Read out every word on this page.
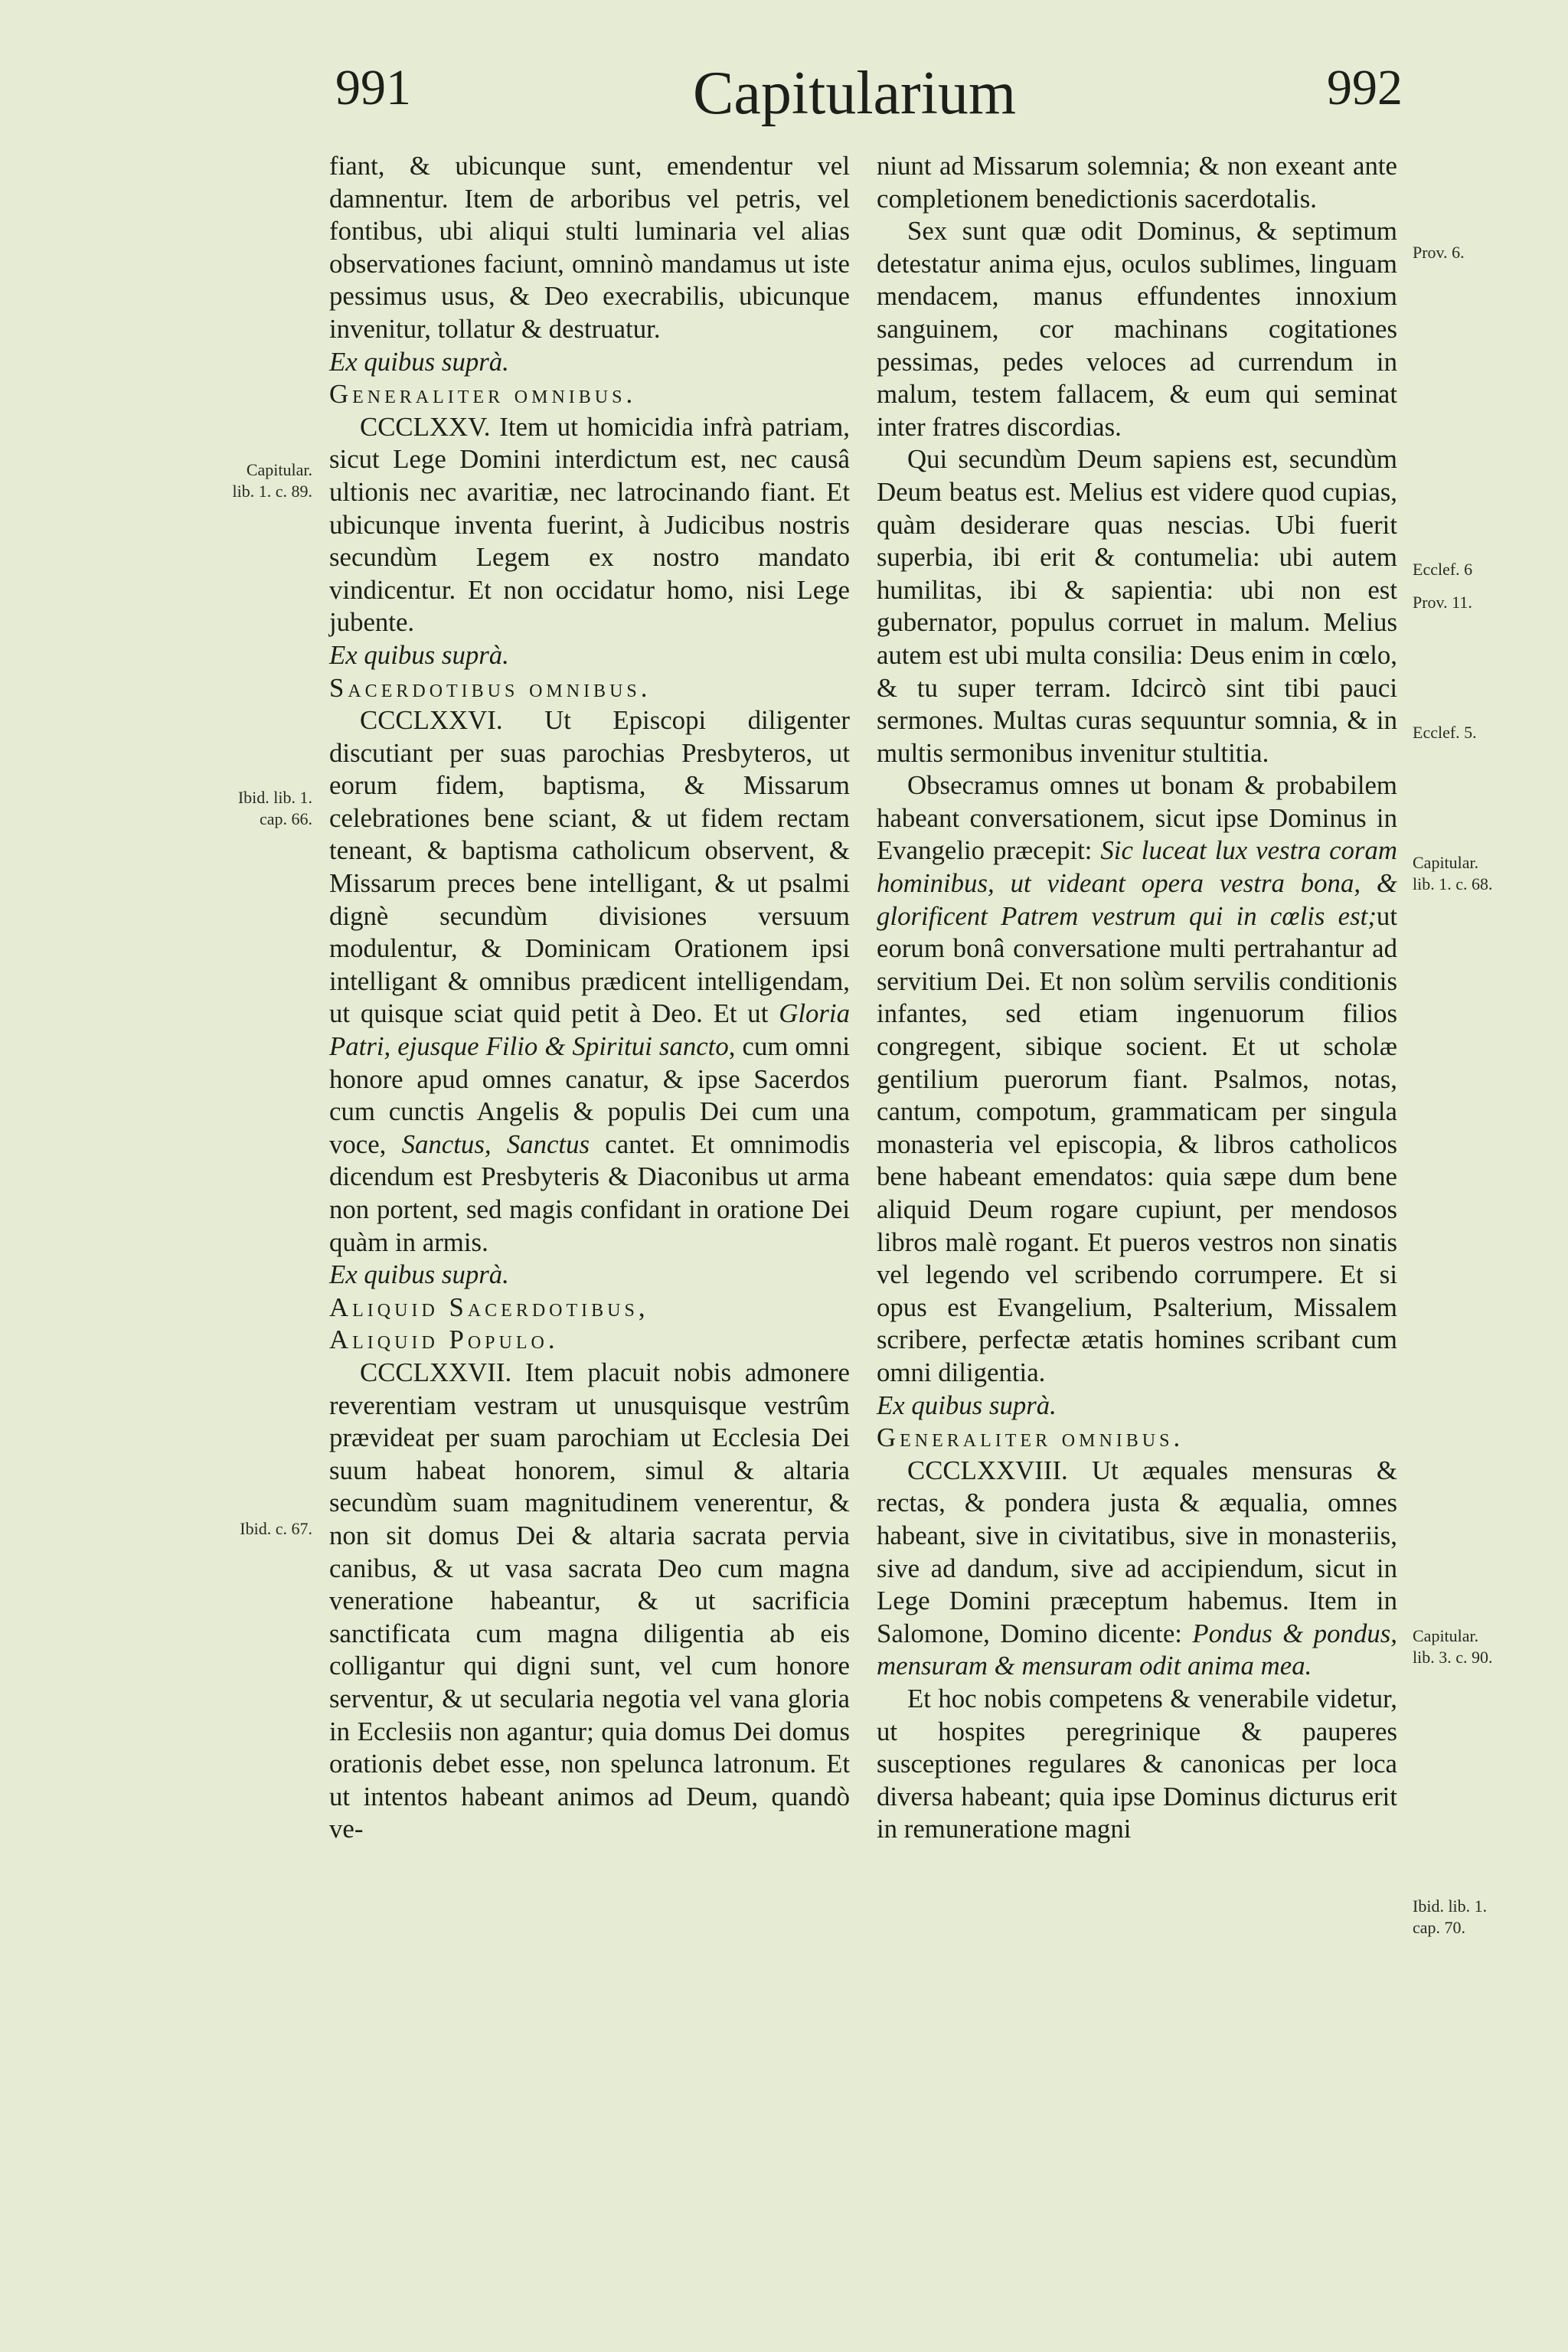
991	Capitularium	992
Capitular.
lib. 1. c. 89.
Ibid. lib. 1.
cap. 66.
Ibid. c. 67.
Prov. 6.
Ecclef. 6
Prov. 11.
Ecclef. 5.
Capitular.
lib. 1. c. 68.
Capitular.
lib. 3. c. 90.
Ibid. lib. 1.
cap. 70.

fiant, & ubicunque sunt, emendentur vel damnentur. Item de arboribus vel petris, vel fontibus, ubi aliqui stulti luminaria vel alias observationes faciunt, omninò mandamus ut iste pessimus usus, & Deo execrabilis, ubicunque invenitur, tollatur & destruatur.

Ex quibus suprà.

Generaliter omnibus.

CCCLXXV. Item ut homicidia infrà patriam, sicut Lege Domini interdictum est, nec causâ ultionis nec avaritiæ, nec latrocinando fiant. Et ubicunque inventa fuerint, à Judicibus nostris secundùm Legem ex nostro mandato vindicentur. Et non occidatur homo, nisi Lege jubente.

Ex quibus suprà.

Sacerdotibus omnibus.

CCCLXXVI. Ut Episcopi diligenter discutiant per suas parochias Presbyteros, ut eorum fidem, baptisma, & Missarum celebrationes bene sciant, & ut fidem rectam teneant, & baptisma catholicum observent, & Missarum preces bene intelligant, & ut psalmi dignè secundùm divisiones versuum modulentur, & Dominicam Orationem ipsi intelligant & omnibus prædicent intelligendam, ut quisque sciat quid petit à Deo. Et ut Gloria Patri, ejusque Filio & Spiritui sancto, cum omni honore apud omnes canatur, & ipse Sacerdos cum cunctis Angelis & populis Dei cum una voce, Sanctus, Sanctus cantet. Et omnimodis dicendum est Presbyteris & Diaconibus ut arma non portent, sed magis confidant in oratione Dei quàm in armis.

Ex quibus suprà.

Aliquid Sacerdotibus,

Aliquid Populo.

CCCLXXVII. Item placuit nobis admonere reverentiam vestram ut unusquisque vestrûm prævideat per suam parochiam ut Ecclesia Dei suum habeat honorem, simul & altaria secundùm suam magnitudinem venerentur, & non sit domus Dei & altaria sacrata pervia canibus, & ut vasa sacrata Deo cum magna veneratione habeantur, & ut sacrificia sanctificata cum magna diligentia ab eis colligantur qui digni sunt, vel cum honore serventur, & ut secularia negotia vel vana gloria in Ecclesiis non agantur; quia domus Dei domus orationis debet esse, non spelunca latronum. Et ut intentos habeant animos ad Deum, quandò ve-

niunt ad Missarum solemnia; & non exeant ante completionem benedictionis sacerdotalis.

Sex sunt quæ odit Dominus, & septimum detestatur anima ejus, oculos sublimes, linguam mendacem, manus effundentes innoxium sanguinem, cor machinans cogitationes pessimas, pedes veloces ad currendum in malum, testem fallacem, & eum qui seminat inter fratres discordias.

Qui secundùm Deum sapiens est, secundùm Deum beatus est. Melius est videre quod cupias, quàm desiderare quas nescias. Ubi fuerit superbia, ibi erit & contumelia: ubi autem humilitas, ibi & sapientia: ubi non est gubernator, populus corruet in malum. Melius autem est ubi multa consilia: Deus enim in cœlo, & tu super terram. Idcircò sint tibi pauci sermones. Multas curas sequuntur somnia, & in multis sermonibus invenitur stultitia.

Obsecramus omnes ut bonam & probabilem habeant conversationem, sicut ipse Dominus in Evangelio præcepit: Sic luceat lux vestra coram hominibus, ut videant opera vestra bona, & glorificent Patrem vestrum qui in cœlis est;ut eorum bonâ conversatione multi pertrahantur ad servitium Dei. Et non solùm servilis conditionis infantes, sed etiam ingenuorum filios congregent, sibique socient. Et ut scholæ gentilium puerorum fiant. Psalmos, notas, cantum, compotum, grammaticam per singula monasteria vel episcopia, & libros catholicos bene habeant emendatos: quia sæpe dum bene aliquid Deum rogare cupiunt, per mendosos libros malè rogant. Et pueros vestros non sinatis vel legendo vel scribendo corrumpere. Et si opus est Evangelium, Psalterium, Missalem scribere, perfectæ ætatis homines scribant cum omni diligentia.

Ex quibus suprà.

Generaliter omnibus.

CCCLXXVIII. Ut æquales mensuras & rectas, & pondera justa & æqualia, omnes habeant, sive in civitatibus, sive in monasteriis, sive ad dandum, sive ad accipiendum, sicut in Lege Domini præceptum habemus. Item in Salomone, Domino dicente: Pondus & pondus, mensuram & mensuram odit anima mea.

Et hoc nobis competens & venerabile videtur, ut hospites peregrinique & pauperes susceptiones regulares & canonicas per loca diversa habeant; quia ipse Dominus dicturus erit in remuneratione magni
